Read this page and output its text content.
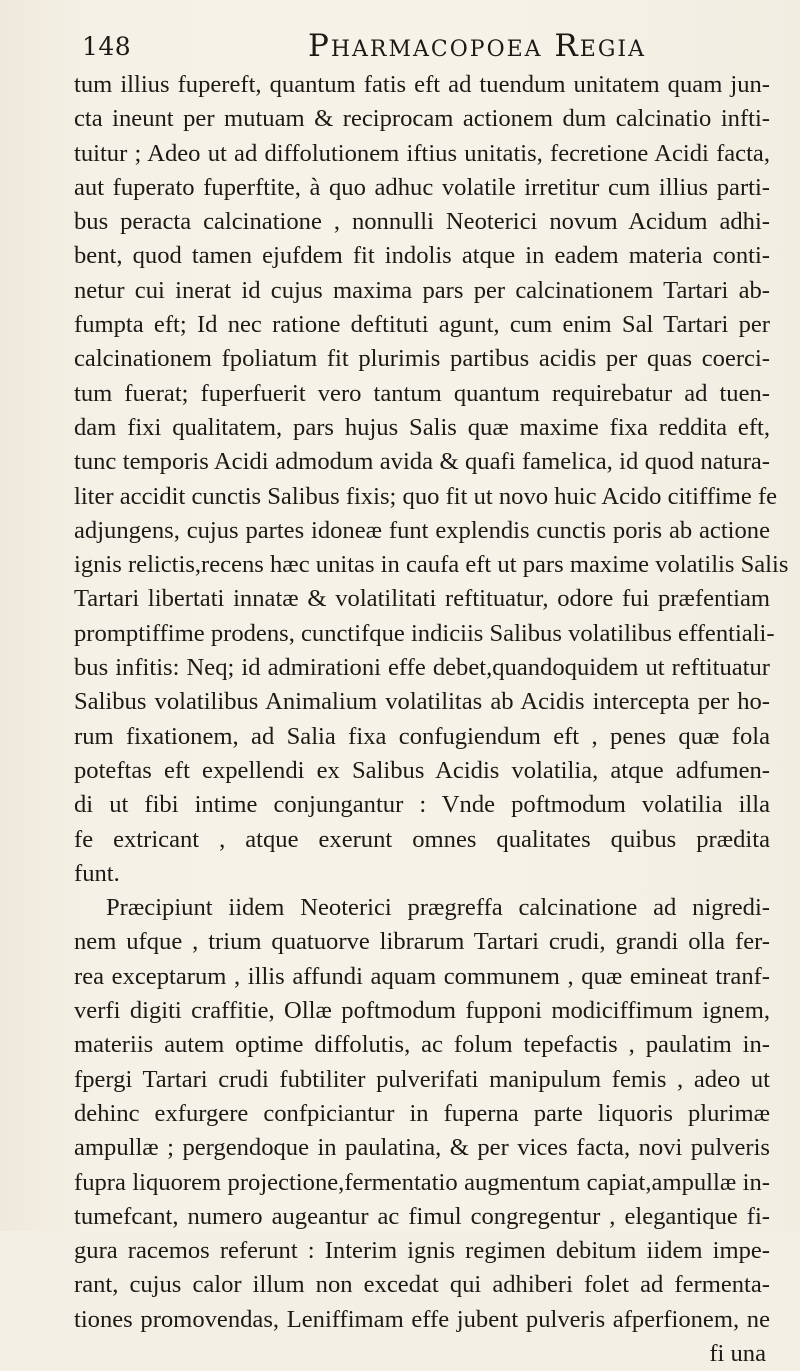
148	Pharmacopoea Regia
tum illius fupereft, quantum fatis eft ad tuendum unitatem quam jun-
cta ineunt per mutuam & reciprocam actionem dum calcinatio infti-
tuitur ; Adeo ut ad diffolutionem iftius unitatis, fecretione Acidi facta,
aut fuperato fuperftite, à quo adhuc volatile irretitur cum illius parti-
bus peracta calcinatione , nonnulli Neoterici novum Acidum adhi-
bent, quod tamen ejufdem fit indolis atque in eadem materia conti-
netur cui inerat id cujus maxima pars per calcinationem Tartari ab-
fumpta eft; Id nec ratione deftituti agunt, cum enim Sal Tartari per
calcinationem fpoliatum fit plurimis partibus acidis per quas coerci-
tum fuerat; fuperfuerit vero tantum quantum requirebatur ad tuen-
dam fixi qualitatem, pars hujus Salis quæ maxime fixa reddita eft,
tunc temporis Acidi admodum avida & quafi famelica, id quod natura-
liter accidit cunctis Salibus fixis; quo fit ut novo huic Acido citiffime fe
adjungens, cujus partes idoneæ funt explendis cunctis poris ab actione
ignis relictis,recens hæc unitas in caufa eft ut pars maxime volatilis Salis
Tartari libertati innatæ & volatilitati reftituatur, odore fui præfentiam
promptiffime prodens, cunctifque indiciis Salibus volatilibus effentiali-
bus infitis: Neq; id admirationi effe debet,quandoquidem ut reftituatur
Salibus volatilibus Animalium volatilitas ab Acidis intercepta per ho-
rum fixationem, ad Salia fixa confugiendum eft , penes quæ fola
poteftas eft expellendi ex Salibus Acidis volatilia, atque adfumen-
di ut fibi intime conjungantur : Vnde poftmodum volatilia illa
fe extricant , atque exerunt omnes qualitates quibus prædita
funt.
Præcipiunt iidem Neoterici prægreffa calcinatione ad nigredi-
nem ufque , trium quatuorve librarum Tartari crudi, grandi olla fer-
rea exceptarum , illis affundi aquam communem , quæ emineat tranf-
verfi digiti craffitie, Ollæ poftmodum fupponi modiciffimum ignem,
materiis autem optime diffolutis, ac folum tepefactis , paulatim in-
fpergi Tartari crudi fubtiliter pulverifati manipulum femis , adeo ut
dehinc exfurgere confpiciantur in fuperna parte liquoris plurimæ
ampullæ ; pergendoque in paulatina, & per vices facta, novi pulveris
fupra liquorem projectione,fermentatio augmentum capiat,ampullæ in-
tumefcant, numero augeantur ac fimul congregentur , elegantique fi-
gura racemos referunt : Interim ignis regimen debitum iidem impe-
rant, cujus calor illum non excedat qui adhiberi folet ad fermenta-
tiones promovendas, Leniffimam effe jubent pulveris afperfionem, ne
fi una
